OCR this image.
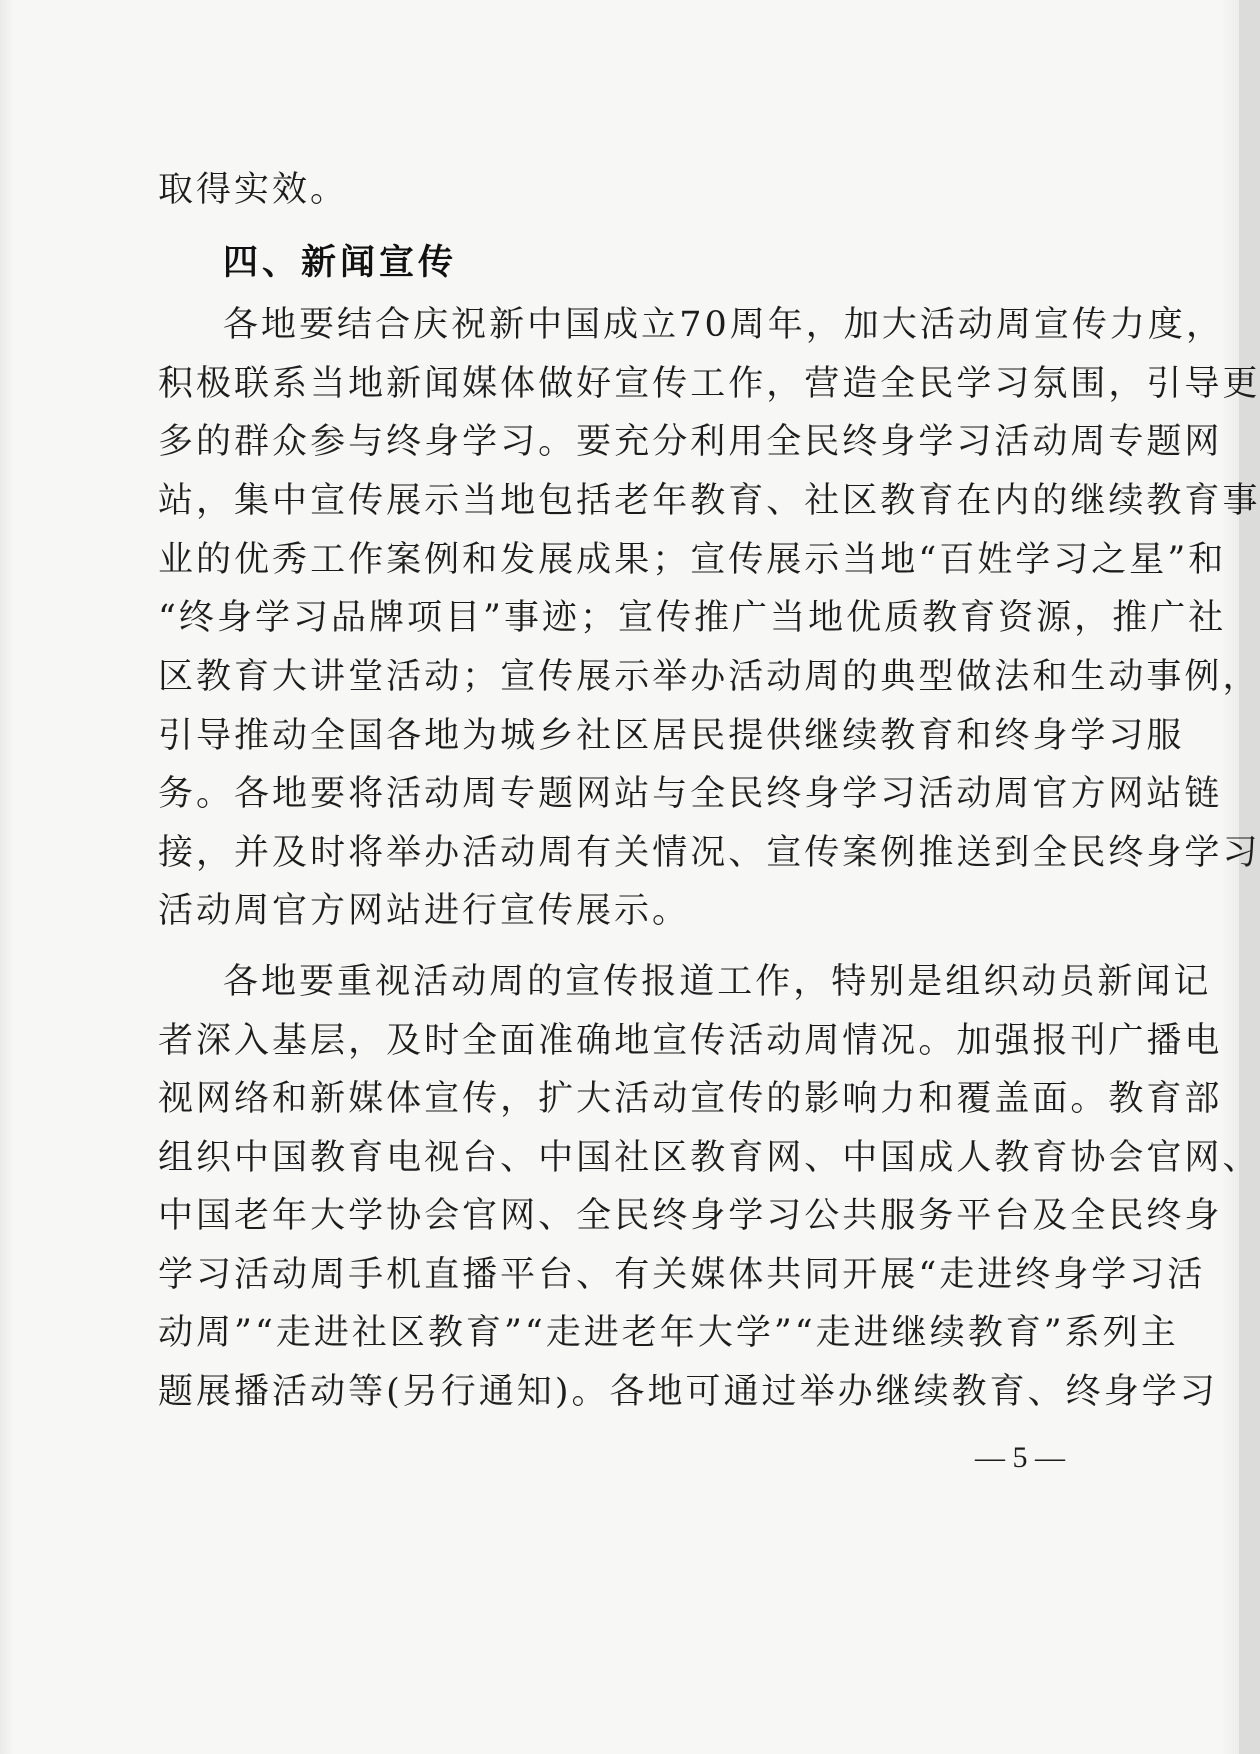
取得实效。
四、新闻宣传
各 地 要 结 合 庆 祝 新 中 国 成 立 7 0 周 年 ， 加 大 活 动 周 宣 传 力 度 ，
积 极 联 系 当 地 新 闻 媒 体 做 好 宣 传 工 作 ， 营 造 全 民 学 习 氛 围 ， 引 导 更
多 的 群 众 参 与 终 身 学 习 。 要 充 分 利 用 全 民 终 身 学 习 活 动 周 专 题 网
站 ， 集 中 宣 传 展 示 当 地 包 括 老 年 教 育 、 社 区 教 育 在 内 的 继 续 教 育 事
业 的 优 秀 工 作 案 例 和 发 展 成 果 ； 宣 传 展 示 当 地 “ 百 姓 学 习 之 星 ” 和
“ 终 身 学 习 品 牌 项 目 ” 事 迹 ； 宣 传 推 广 当 地 优 质 教 育 资 源 ， 推 广 社
区 教 育 大 讲 堂 活 动 ； 宣 传 展 示 举 办 活 动 周 的 典 型 做 法 和 生 动 事 例 ，
引 导 推 动 全 国 各 地 为 城 乡 社 区 居 民 提 供 继 续 教 育 和 终 身 学 习 服
务 。 各 地 要 将 活 动 周 专 题 网 站 与 全 民 终 身 学 习 活 动 周 官 方 网 站 链
接 ， 并 及 时 将 举 办 活 动 周 有 关 情 况 、 宣 传 案 例 推 送 到 全 民 终 身 学 习
活动周官方网站进行宣传展示。
各 地 要 重 视 活 动 周 的 宣 传 报 道 工 作 ， 特 别 是 组 织 动 员 新 闻 记
者 深 入 基 层 ， 及 时 全 面 准 确 地 宣 传 活 动 周 情 况 。 加 强 报 刊 广 播 电
视 网 络 和 新 媒 体 宣 传 ， 扩 大 活 动 宣 传 的 影 响 力 和 覆 盖 面 。 教 育 部
组 织 中 国 教 育 电 视 台 、 中 国 社 区 教 育 网 、 中 国 成 人 教 育 协 会 官 网 、
中 国 老 年 大 学 协 会 官 网 、 全 民 终 身 学 习 公 共 服 务 平 台 及 全 民 终 身
学 习 活 动 周 手 机 直 播 平 台 、 有 关 媒 体 共 同 开 展 “ 走 进 终 身 学 习 活
动 周 ” “ 走 进 社 区 教 育 ” “ 走 进 老 年 大 学 ” “ 走 进 继 续 教 育 ” 系 列 主
题 展 播 活 动 等 ( 另 行 通 知 ) 。 各 地 可 通 过 举 办 继 续 教 育 、 终 身 学 习
— 5 —
